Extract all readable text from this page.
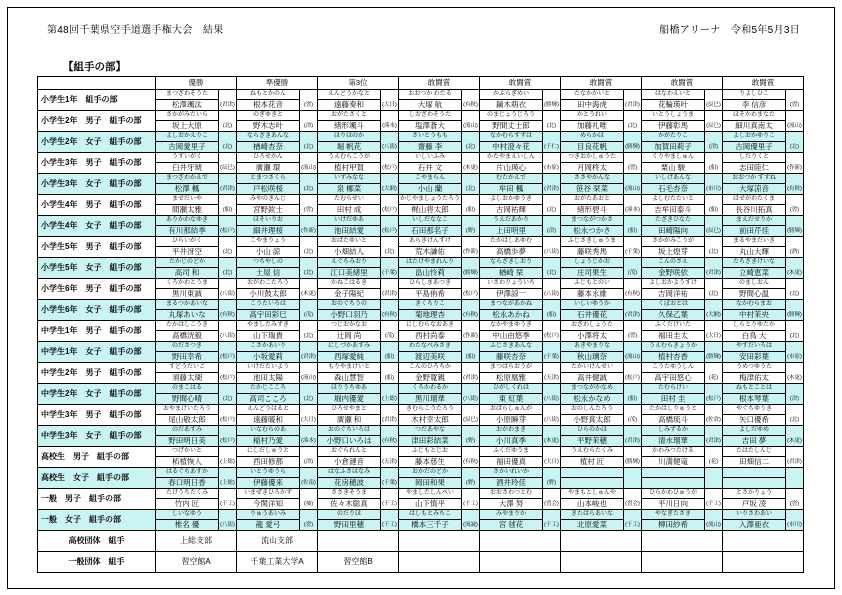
第48回千葉県空手道選手権大会　結果	船橋アリーナ　令和5年5月3日
【組手の部】
	優勝	準優勝	第3位	敢闘賞	敢闘賞	敢闘賞	敢闘賞	敢闘賞
小学生1年　組手の部	
まつざわそうた
松澤颯汰	(君津)

ねもとかのん
根本花音	(習)

えんどうかなと
遠藤奏和	(大日)

おおつか わたる
大塚 航	(有秋)

かぶらぎめい
鏑木萌衣	(勝輝)

たなかかいと
田中海虎	(君津)

はなわえいと
花輪瑛叶	(辰巳)

りよしひこ
李 信彦	(習)

小学生2年　男子　組手の部	
さかがみたいら
坂上大原	(北)

のぎゆきと
野木志叶	(津)

おがたさくと
緒形颯斗	(湊本)

しおざわそうた
塩澤蒼大	(流山)

のまじょうじろう
野間丈士郎	(北)

かとうれい
加藤礼唯	(北)

いとうしょうま
伊藤彰馬	(辰巳)

ほそかわまなた
細川真南太	(流山)

小学生2年　女子　組手の部	
よしおかえりこ
古岡愛里子	(北)

ならざきあんな
楢崎杏奈	(北)

ほりほのか
堀 帆花	(八街)

さいとうもも
齋藤 李	(北)

なかむらすずは
中村澄々花	(千仁)

めらかほ
目良花帆	(勝輝)

かがたりこ
加賀田莉子	(津)

よしおかゆりこ
古岡優里子	(北)

小学生3年　男子　組手の部	
うすいがく
臼井牙琥	(辰巳)

ひろせかん
廣瀬 環	(流山)

うえむらこうが
植村甲賀	(松戸)

いしいふみ
石井 文	(木更)

かたやまえいしん
片山瑛心	(市原)

つきおかしゅうた
月岡柊太	(習)

くりやましゅん
栗山 駿	(船)

しだりくと
志田陸仁	(作新)

小学生3年　女子　組手の部	
まつざわかえで
松澤 楓	(君津)

とまつさくら
戸松咲桜	(北)

いずみなな
泉 梛菜	(大網)

こやまらん
小山 蘭	(北)

むたかえで
牟田 楓	(君津)

ささやかんな
笹谷 栞菜	(流山)

いしげあんな
石毛杏奈	(市川)

おおつか すずね
大塚涼音	(有秋)

小学生4年　男子　組手の部	
ませだいや
間瀬太雅	(船)

みやのきんじ
宮野欽士	(習)

たむらせい
田村 成	(松戸)

かじやましょうたろう
梶山将太郎	(船)

よしおかゆうき
古岡祐輝	(北)

おがたあおと
緒形碧斗	(湊本)

よしむたたいと
吉牟田泰斗	(船)

はせがわたくま
長谷川拓真	(習)

小学生4年　女子　組手の部	
ありかわなゆき
有川那結季	(松戸)

ほそいりお
細井理桜	(作新)

いけだゆあ
池田結愛	(松戸)

いしだななこ
石田那名子	(野)

うえだあかり
上田明里	(津)

まつながつかさ
松永つかさ	(船)

たざきひなた
田崎陽向	(辰巳)

まえだせりか
前田芹佳	(勝輝)

小学生5年　男子　組手の部	
ひらいがく
平井冴空	(北)

こやまりょう
小山 諒	(北)

おばたゆいと
小畑結人	(北)

あらきけんすけ
荒木謙佑	(作新)

たかはしあゆむ
高橋歩夢	(八街)

ふじさきしゅうま
藤咲秀馬	(千葉)

さかがみこうが
坂上煌芽	(北)

まるやまだいき
丸山大輝	(酒)

小学生5年　女子　組手の部	
たかじのどか
高司 和	(北)

つちやしの
土屋 信	(北)

えぐちみおり
江口美緒里	(千葉)

はたけやまれんり
畠山怜莉	(勝輝)

ならざきしおり
楢崎 栞	(北)

しょうじかお
庄司果生	(茂)

こんのさえ
金野咲依	(君津)

たちざきけいな
立崎恵菜	(木更)

小学生6年　男子　組手の部	
くろかわとうま
黒川東誠	(八街)

おがわこたろう
小川鼓太郎	(木更)

かねこはるき
金子陽紀	(君津)

ひらしまあつき
平島侑希	(松戸)

いさわりょういち
伊澤諒一	(八街)

ふじもとのい
藤本永維	(有秋)

よしおかようすけ
吉岡洋祐	(北)

のましおん
野間心温	(北)

小学生6年　女子　組手の部	
まるつかあいな
丸塚あいな	(有秋)

こうたいろは
高宇田彩巳	(茂)

おのぐちうの
小野口羽乃	(有秋)

きくちりこ
菊地理杏	(有秋)

まつながあかね
松永あかね	(船)

いしいゆうか
石井優花	(君津)

くぼおとは
久保乙葉	(大網)

なかむらまお
中村茉央	(勝輝)

中学生1年　男子　組手の部	
たかはしこうき
高橋洸毅	(八街)

やましたみずき
山下瑞貴	(北)

つじおかなお
辻岡 尚	(茂)

にしむらなおあき
西村尚泰	(作新)

なかやまゆうき
中山由悠季	(松戸)

おざわしょうた
小澤将太	(習)

ふくだけいた
福田圭太	(大日)

しらとりゆたか
白鳥 大	(北)

中学生1年　女子　組手の部	
のださつき
野田幸希	(松戸)

こさかあいり
小坂愛莉	(君津)

にしづかあすみ
西塚愛純	(船)

わたなべみさき
渡辺美咲	(船)

ふじさきあんな
藤咲杏奈	(千葉)

あきやまりな
秋山璃奈	(流山)

うえむらきょうか
植村杏香	(勝輝)

やすだいろは
安田彩葉	(市原)

中学生2年　男子　組手の部	
すどうだいご
須藤太瑚	(松戸)

いけだたいよう
池田太陽	(流山)

もりやまけいと
森山慧智	(船)

こんのひろちか
金野寛親	(君津)

まつばらおうが
松原凰雅	(天津)

たかいけんせい
高井健誠	(松戸)

こうたゆうしん
高宇田悠心	(花)

うめつゆうた
梅津佑太	(木更)

中学生2年　女子　組手の部	
のまこはる
野間心晴	(北)

たかじこころ
高司こころ	(北)

ほりうちゆあ
堀内優愛	(上総)

くろかわるか
黒川瑠華	(八街)

ひがしくれは
東 紅葉	(八街)

まつながかなめ
松永かなめ	(船)

たむらけい
田村 圭	(松戸)

ねもとことは
根本琴葉	(津)

中学生3年　男子　組手の部	
おやまけいたろう
尾山敬太郎	(松戸)

えんどうはると
遠藤暖和	(大日)

ひろせやまと
廣瀬 和	(君津)

きむらこうたろう
木村幸太郎	(辰巳)

おばらしゅんが
小原瞬芽	(八街)

おのしんたろう
小野真太郎	(茂)

たかはしりゅうと
高橋琉斗	(佐倉)

やぐちゆうき
矢口優希	(北)

中学生3年　女子　組手の部	
のだあすみ
野田明日美	(松戸)

いなむらのあ
稲村乃愛	(湊本)

おのぐちいろは
小野口いろは	(有秋)

つだあやな
津田彩結菜	(野)

おがわまき
小川真季	(木更)

ひらのかほ
平野茉穂	(君津)

しみずるか
清水瑠華	(君津)

よしだゆめ
吉田 夢	(木更)

高校生　男子　組手の部	
つげかいと
柘植恢人	(上総)

にしだしゅうと
西田修都	(津)

おぐられんと
小倉漣音	(天津)

ふじもとじお
藤本慈生	(有秋)

ふくだゆうま
福田優真	(大日)

うえむらたくみ
植村 匠	(勝輝)

かわみつたける
川満健竜	(花)

たはたしんじ
田畑信二	(君津)

高校生　女子　組手の部	
はるぐちあすか
春口明日香	(上総)

いとうゆうら
伊藤優来	(佐南)

はなふさほなみ
花房穂波	(千葉)

おかだのどか
岡田和果	(野)

さかいれいか
酒井玲佳	(野)

一般　男子　組手の部	
たけうちたくみ
竹内 匠	(千工)

いまぜきひろかず
今関洋知	(袖)

ささきそうま
佐々木聡真	(千工)

やましたしんぺい
山下慎平	(千工)

おおさわつとむ
大澤 努	(習会)

やまもとしゅんや
山本峻也	(習会)

ひらかわひゅうが
平川日向	(千工)

とさかりょう
戸坂 凌	(習)

一般　女子　組手の部	
しいなゆう
椎名 優	(八街)

りゅうあいみ
龍 愛弓	(習)

のだりほ
野田里穂	(千工)

はしもとみちこ
橋本三千子	(流誠)

みやまりか
宮 毬花	(千工)

きたはらあいな
北原愛菜	(千工)

やなぎたさき
柳田紗希	(流山)

いりさわあい
入澤亜衣	(市川)

高校団体　組手	上総支部	流山支部						
一般団体　組手	習空館A	千葉工業大学A	習空館B					
